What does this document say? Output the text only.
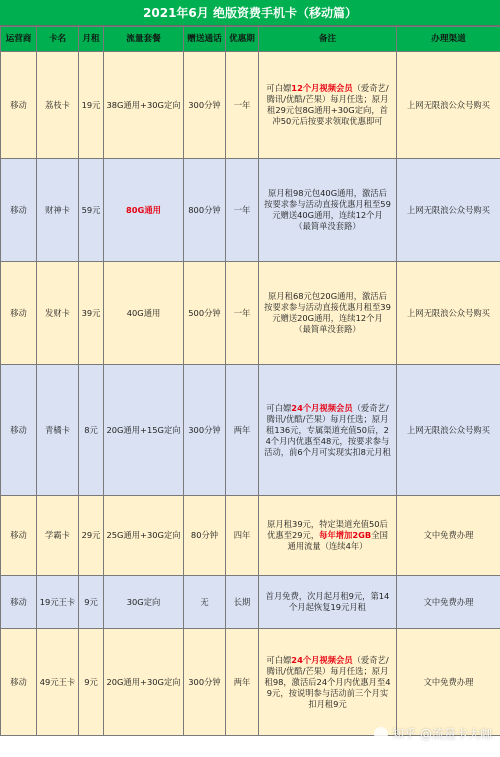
2021年6月 绝版资费手机卡（移动篇）
运营商	卡名	月租	流量套餐	赠送通话	优惠期	备注	办理渠道
移动	荔枝卡	19元	38G通用+30G定向	300分钟	一年	可白嫖12个月视频会员（爱奇艺/腾讯/优酷/芒果）每月任选；原月租29元包8G通用+30G定向，首冲50元后按要求领取优惠即可	上网无限浪公众号购买
移动	财神卡	59元	80G通用	800分钟	一年	原月租98元包40G通用，激活后按要求参与活动直接优惠月租至59元赠送40G通用，连续12个月（最简单没套路）	上网无限浪公众号购买
移动	发财卡	39元	40G通用	500分钟	一年	原月租68元包20G通用，激活后按要求参与活动直接优惠月租至39元赠送20G通用，连续12个月（最简单没套路）	上网无限浪公众号购买
移动	青橘卡	8元	20G通用+15G定向	300分钟	两年	可白嫖24个月视频会员（爱奇艺/腾讯/优酷/芒果）每月任选；原月租136元，专属渠道充值50后，24个月内优惠至48元，按要求参与活动，前6个月可实现实扣8元月租	上网无限浪公众号购买
移动	学霸卡	29元	25G通用+30G定向	80分钟	四年	原月租39元，特定渠道充值50后优惠至29元，每年增加2GB全国通用流量（连续4年）	文中免费办理
移动	19元王卡	9元	30G定向	无	长期	首月免费，次月起月租9元，第14个月起恢复19元月租	文中免费办理
移动	49元王卡	9元	20G通用+30G定向	300分钟	两年	可白嫖24个月视频会员（爱奇艺/腾讯/优酷/芒果）每月任选；原月租98，激活后24个月内优惠月至49元，按说明参与活动前三个月实扣月租9元	文中免费办理
知乎 @流量卡大咖
